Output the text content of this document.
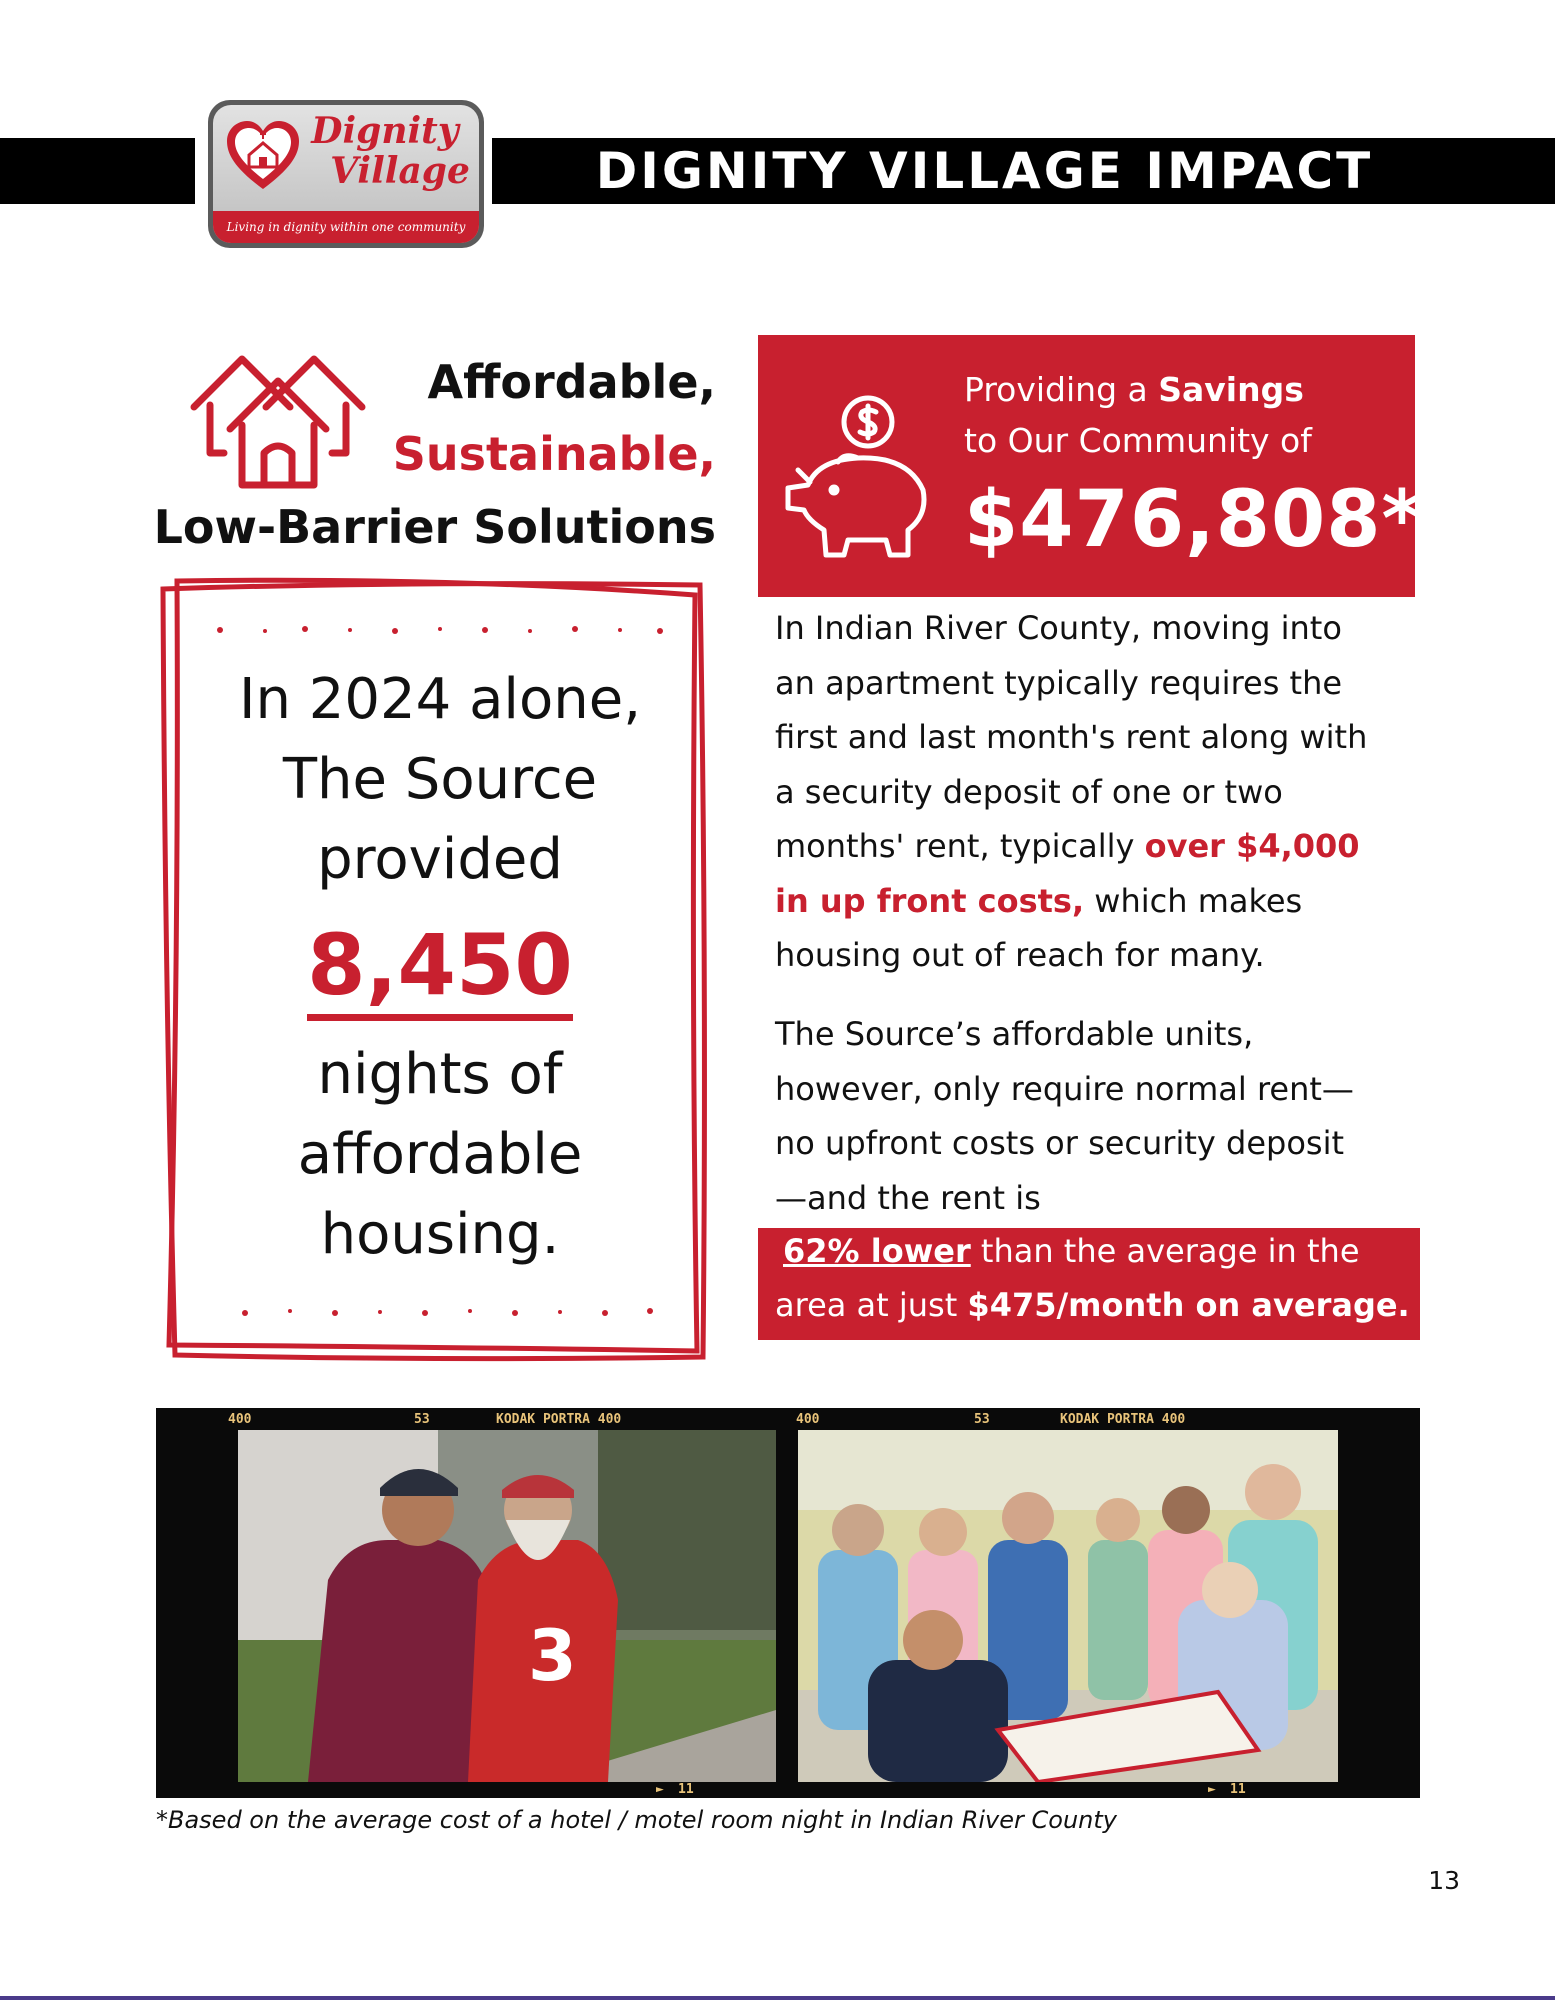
DIGNITY VILLAGE IMPACT
Dignity
Village
Living in dignity within one community
Affordable,
Sustainable,
Low-Barrier Solutions
In 2024 alone,
The Source
provided
8,450
nights of
affordable
housing.
Providing a Savings
to Our Community of
$476,808*
In Indian River County, moving into
an apartment typically requires the
first and last month's rent along with
a security deposit of one or two
months' rent, typically over $4,000
in up front costs, which makes
housing out of reach for many.
The Source’s affordable units,
however, only require normal rent—
no upfront costs or security deposit
—and the rent is
62% lower than the average in the
area at just $475/month on average.
400	53	KODAK PORTRA 400	400	53	KODAK PORTRA 400
► 11	► 11
3
*Based on the average cost of a hotel / motel room night in Indian River County
13
